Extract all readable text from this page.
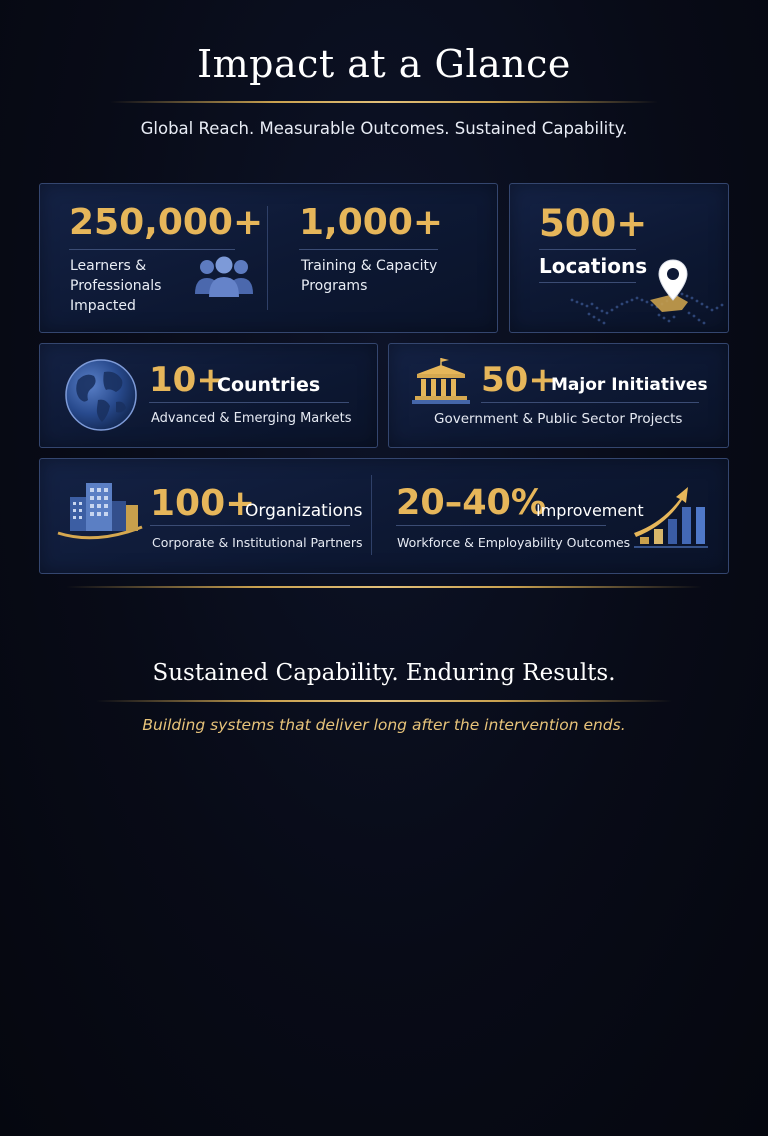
Impact at a Glance
Global Reach. Measurable Outcomes. Sustained Capability.
250,000+
Learners &
Professionals
Impacted
1,000+
Training & Capacity
Programs
500+
Locations
10+
Countries
Advanced & Emerging Markets
50+
Major Initiatives
Government & Public Sector Projects
100+
Organizations
Corporate & Institutional Partners
20–40%
Improvement
Workforce & Employability Outcomes
Sustained Capability. Enduring Results.
Building systems that deliver long after the intervention ends.
